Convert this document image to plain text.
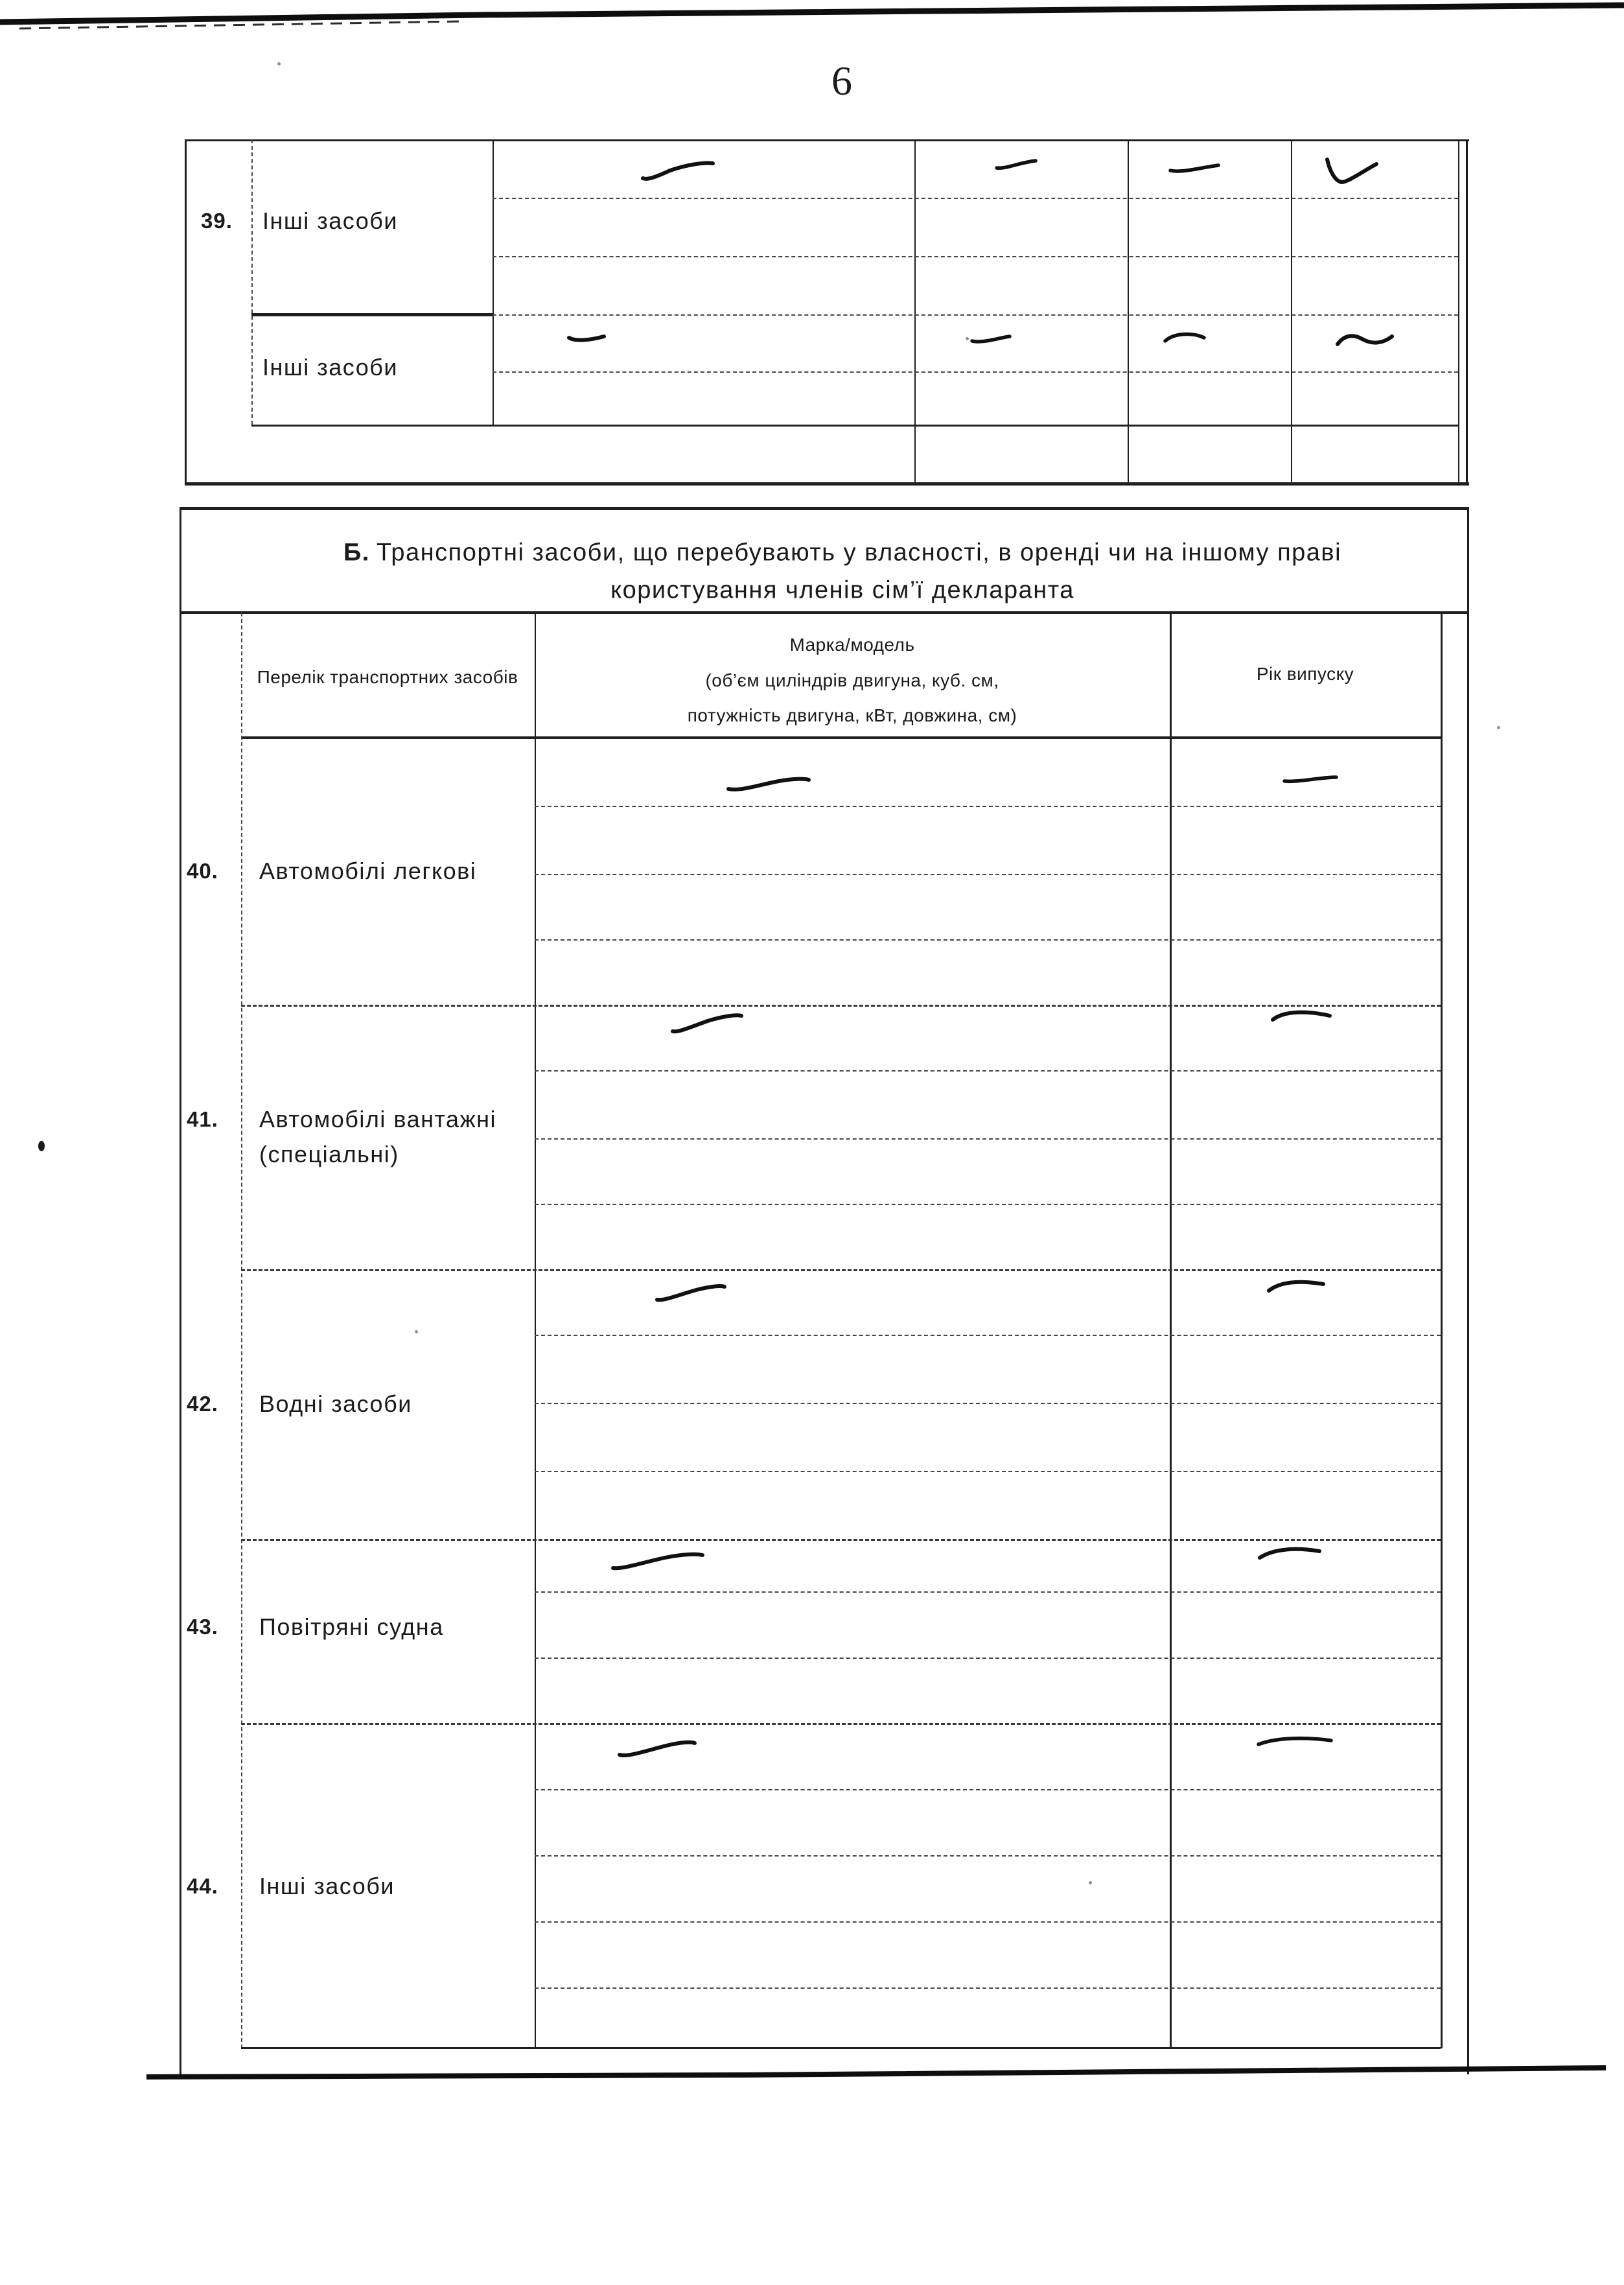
6
39. Інші засоби
Інші засоби
Б. Транспортні засоби, що перебувають у власності, в оренді чи на іншому праві
користування членів сім’ї декларанта
Перелік транспортних засобів
Марка/модель
(об’єм циліндрів двигуна, куб. см,
потужність двигуна, кВт, довжина, см)
Рік випуску
40. Автомобілі легкові
41. Автомобілі вантажні
(спеціальні)
42. Водні засоби
43. Повітряні судна
44. Інші засоби
